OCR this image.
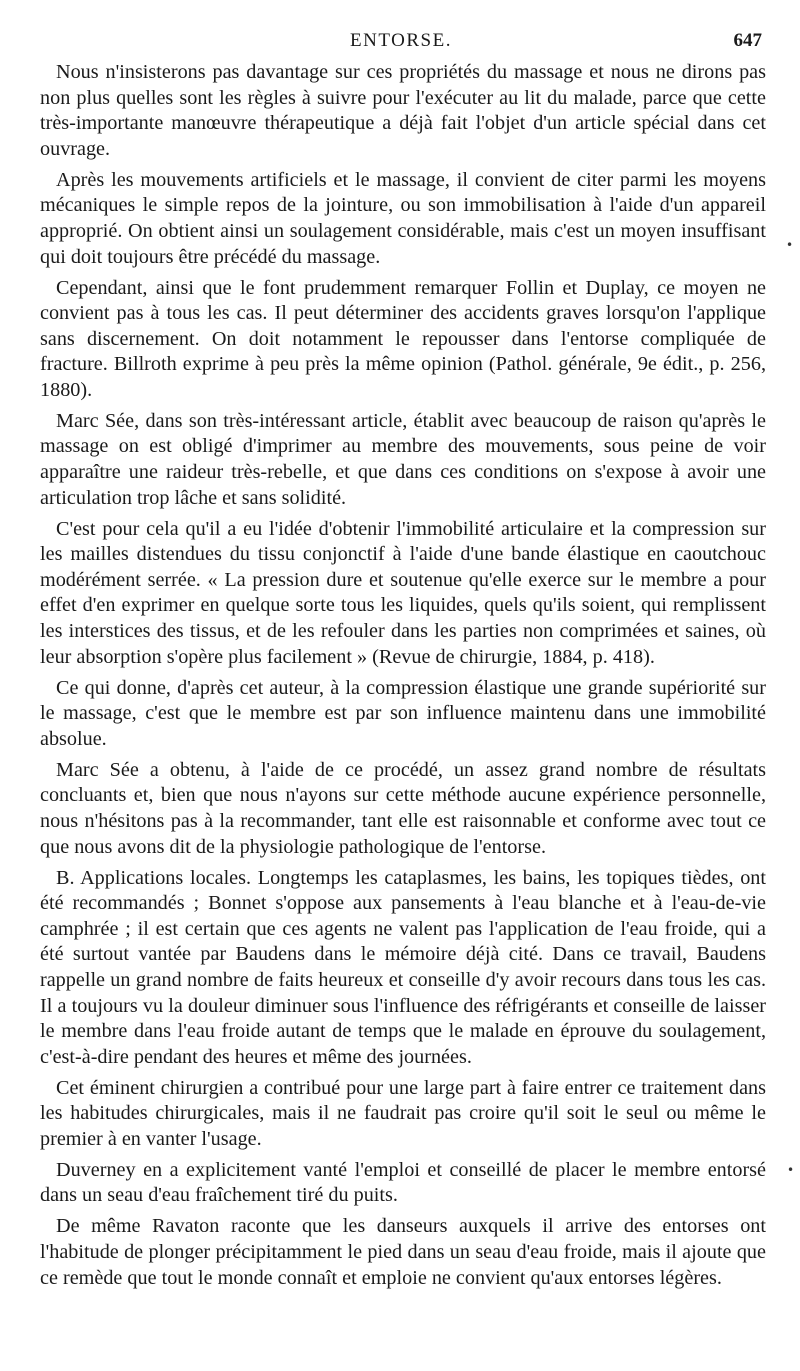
ENTORSE.	647

Nous n'insisterons pas davantage sur ces propriétés du massage et nous ne dirons pas non plus quelles sont les règles à suivre pour l'exécuter au lit du malade, parce que cette très-importante manœuvre thérapeutique a déjà fait l'objet d'un article spécial dans cet ouvrage.

Après les mouvements artificiels et le massage, il convient de citer parmi les moyens mécaniques le simple repos de la jointure, ou son immobilisation à l'aide d'un appareil approprié. On obtient ainsi un soulagement considérable, mais c'est un moyen insuffisant qui doit toujours être précédé du massage.

Cependant, ainsi que le font prudemment remarquer Follin et Duplay, ce moyen ne convient pas à tous les cas. Il peut déterminer des accidents graves lorsqu'on l'applique sans discernement. On doit notamment le repousser dans l'entorse compliquée de fracture. Billroth exprime à peu près la même opinion (Pathol. générale, 9e édit., p. 256, 1880).

Marc Sée, dans son très-intéressant article, établit avec beaucoup de raison qu'après le massage on est obligé d'imprimer au membre des mouvements, sous peine de voir apparaître une raideur très-rebelle, et que dans ces conditions on s'expose à avoir une articulation trop lâche et sans solidité.

C'est pour cela qu'il a eu l'idée d'obtenir l'immobilité articulaire et la compression sur les mailles distendues du tissu conjonctif à l'aide d'une bande élastique en caoutchouc modérément serrée. « La pression dure et soutenue qu'elle exerce sur le membre a pour effet d'en exprimer en quelque sorte tous les liquides, quels qu'ils soient, qui remplissent les interstices des tissus, et de les refouler dans les parties non comprimées et saines, où leur absorption s'opère plus facilement » (Revue de chirurgie, 1884, p. 418).

Ce qui donne, d'après cet auteur, à la compression élastique une grande supériorité sur le massage, c'est que le membre est par son influence maintenu dans une immobilité absolue.

Marc Sée a obtenu, à l'aide de ce procédé, un assez grand nombre de résultats concluants et, bien que nous n'ayons sur cette méthode aucune expérience personnelle, nous n'hésitons pas à la recommander, tant elle est raisonnable et conforme avec tout ce que nous avons dit de la physiologie pathologique de l'entorse.

B. Applications locales. Longtemps les cataplasmes, les bains, les topiques tièdes, ont été recommandés ; Bonnet s'oppose aux pansements à l'eau blanche et à l'eau-de-vie camphrée ; il est certain que ces agents ne valent pas l'application de l'eau froide, qui a été surtout vantée par Baudens dans le mémoire déjà cité. Dans ce travail, Baudens rappelle un grand nombre de faits heureux et conseille d'y avoir recours dans tous les cas. Il a toujours vu la douleur diminuer sous l'influence des réfrigérants et conseille de laisser le membre dans l'eau froide autant de temps que le malade en éprouve du soulagement, c'est-à-dire pendant des heures et même des journées.

Cet éminent chirurgien a contribué pour une large part à faire entrer ce traitement dans les habitudes chirurgicales, mais il ne faudrait pas croire qu'il soit le seul ou même le premier à en vanter l'usage.

Duverney en a explicitement vanté l'emploi et conseillé de placer le membre entorsé dans un seau d'eau fraîchement tiré du puits.

De même Ravaton raconte que les danseurs auxquels il arrive des entorses ont l'habitude de plonger précipitamment le pied dans un seau d'eau froide, mais il ajoute que ce remède que tout le monde connaît et emploie ne convient qu'aux entorses légères.

•
•
